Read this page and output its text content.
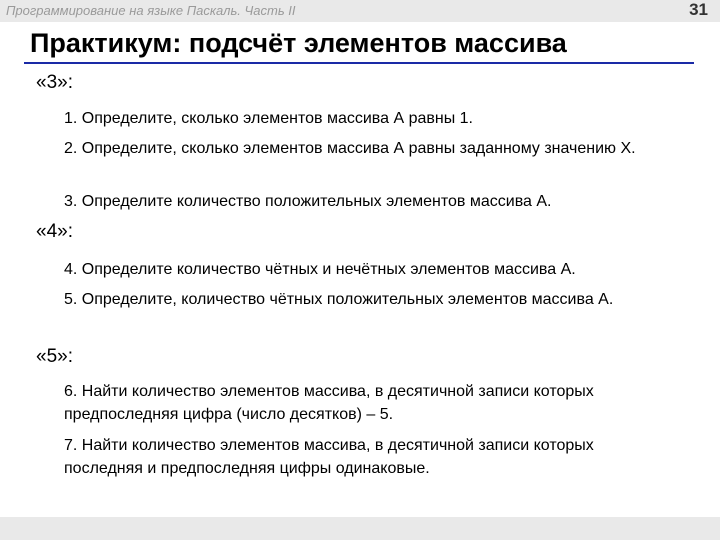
Программирование на языке Паскаль. Часть II	31
Практикум: подсчёт элементов массива
«3»:
1. Определите, сколько элементов массива А равны 1.
2. Определите, сколько элементов массива А равны заданному значению X.
3. Определите количество положительных элементов массива А.
«4»:
4. Определите количество чётных и нечётных элементов массива А.
5. Определите, количество чётных положительных элементов массива А.
«5»:
6. Найти количество элементов массива, в десятичной записи которых предпоследняя цифра (число десятков) – 5.
7. Найти количество элементов массива, в десятичной записи которых последняя и предпоследняя цифры одинаковые.
